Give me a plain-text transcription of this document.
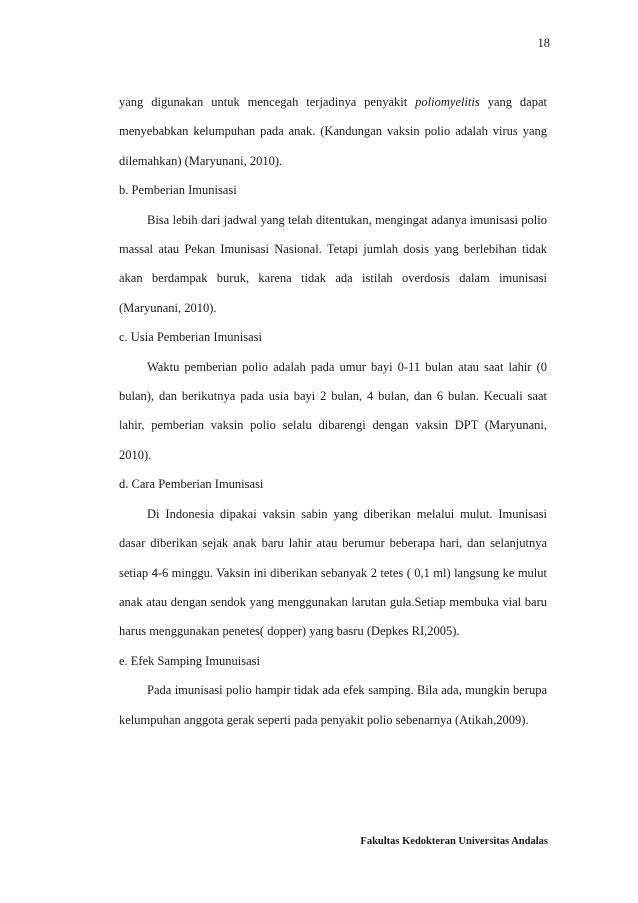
18

yang digunakan untuk mencegah terjadinya penyakit poliomyelitis yang dapat menyebabkan kelumpuhan pada anak. (Kandungan vaksin polio adalah virus yang dilemahkan) (Maryunani, 2010).

b. Pemberian Imunisasi

Bisa lebih dari jadwal yang telah ditentukan, mengingat adanya imunisasi polio massal atau Pekan Imunisasi Nasional. Tetapi jumlah dosis yang berlebihan tidak akan berdampak buruk, karena tidak ada istilah overdosis dalam imunisasi (Maryunani, 2010).

c. Usia Pemberian Imunisasi

Waktu pemberian polio adalah pada umur bayi 0-11 bulan atau saat lahir (0 bulan), dan berikutnya pada usia bayi 2 bulan, 4 bulan, dan 6 bulan. Kecuali saat lahir, pemberian vaksin polio selalu dibarengi dengan vaksin DPT (Maryunani, 2010).

d. Cara Pemberian Imunisasi

Di Indonesia dipakai vaksin sabin yang diberikan melalui mulut. Imunisasi dasar diberikan sejak anak baru lahir atau berumur beberapa hari, dan selanjutnya setiap 4-6 minggu. Vaksin ini diberikan sebanyak 2 tetes ( 0,1 ml) langsung ke mulut anak atau dengan sendok yang menggunakan larutan gula.Setiap membuka vial baru harus menggunakan penetes( dopper) yang basru (Depkes RI,2005).

e. Efek Samping Imunuisasi

Pada imunisasi polio hampir tidak ada efek samping. Bila ada, mungkin berupa kelumpuhan anggota gerak seperti pada penyakit polio sebenarnya (Atikah,2009).

Fakultas Kedokteran Universitas Andalas
